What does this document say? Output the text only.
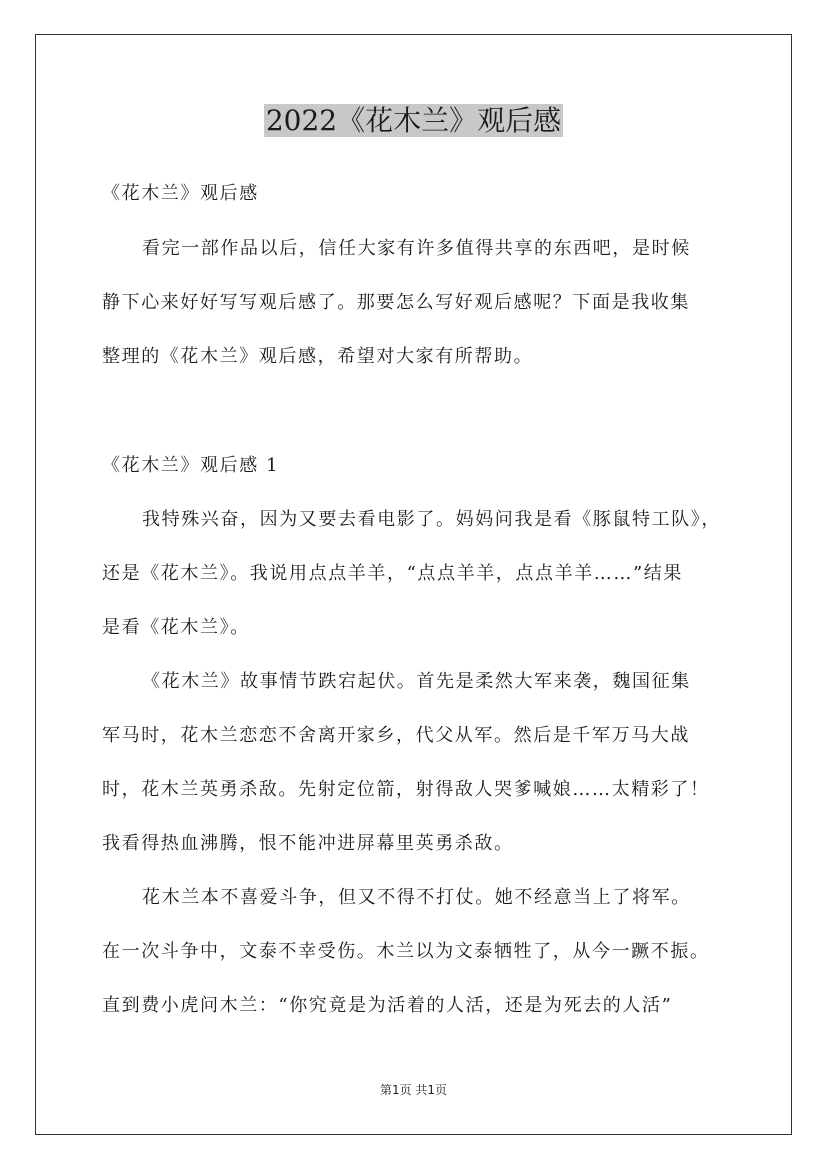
2022《花木兰》观后感

《花木兰》观后感

看完一部作品以后，信任大家有许多值得共享的东西吧，是时候

静下心来好好写写观后感了。那要怎么写好观后感呢？下面是我收集

整理的《花木兰》观后感，希望对大家有所帮助。

《花木兰》观后感 1

我特殊兴奋，因为又要去看电影了。妈妈问我是看《豚鼠特工队》，

还是《花木兰》。我说用点点羊羊，“点点羊羊，点点羊羊……”结果

是看《花木兰》。

《花木兰》故事情节跌宕起伏。首先是柔然大军来袭，魏国征集

军马时，花木兰恋恋不舍离开家乡，代父从军。然后是千军万马大战

时，花木兰英勇杀敌。先射定位箭，射得敌人哭爹喊娘……太精彩了！

我看得热血沸腾，恨不能冲进屏幕里英勇杀敌。

花木兰本不喜爱斗争，但又不得不打仗。她不经意当上了将军。

在一次斗争中，文泰不幸受伤。木兰以为文泰牺牲了，从今一蹶不振。

直到费小虎问木兰：“你究竟是为活着的人活，还是为死去的人活”

第1页 共1页
